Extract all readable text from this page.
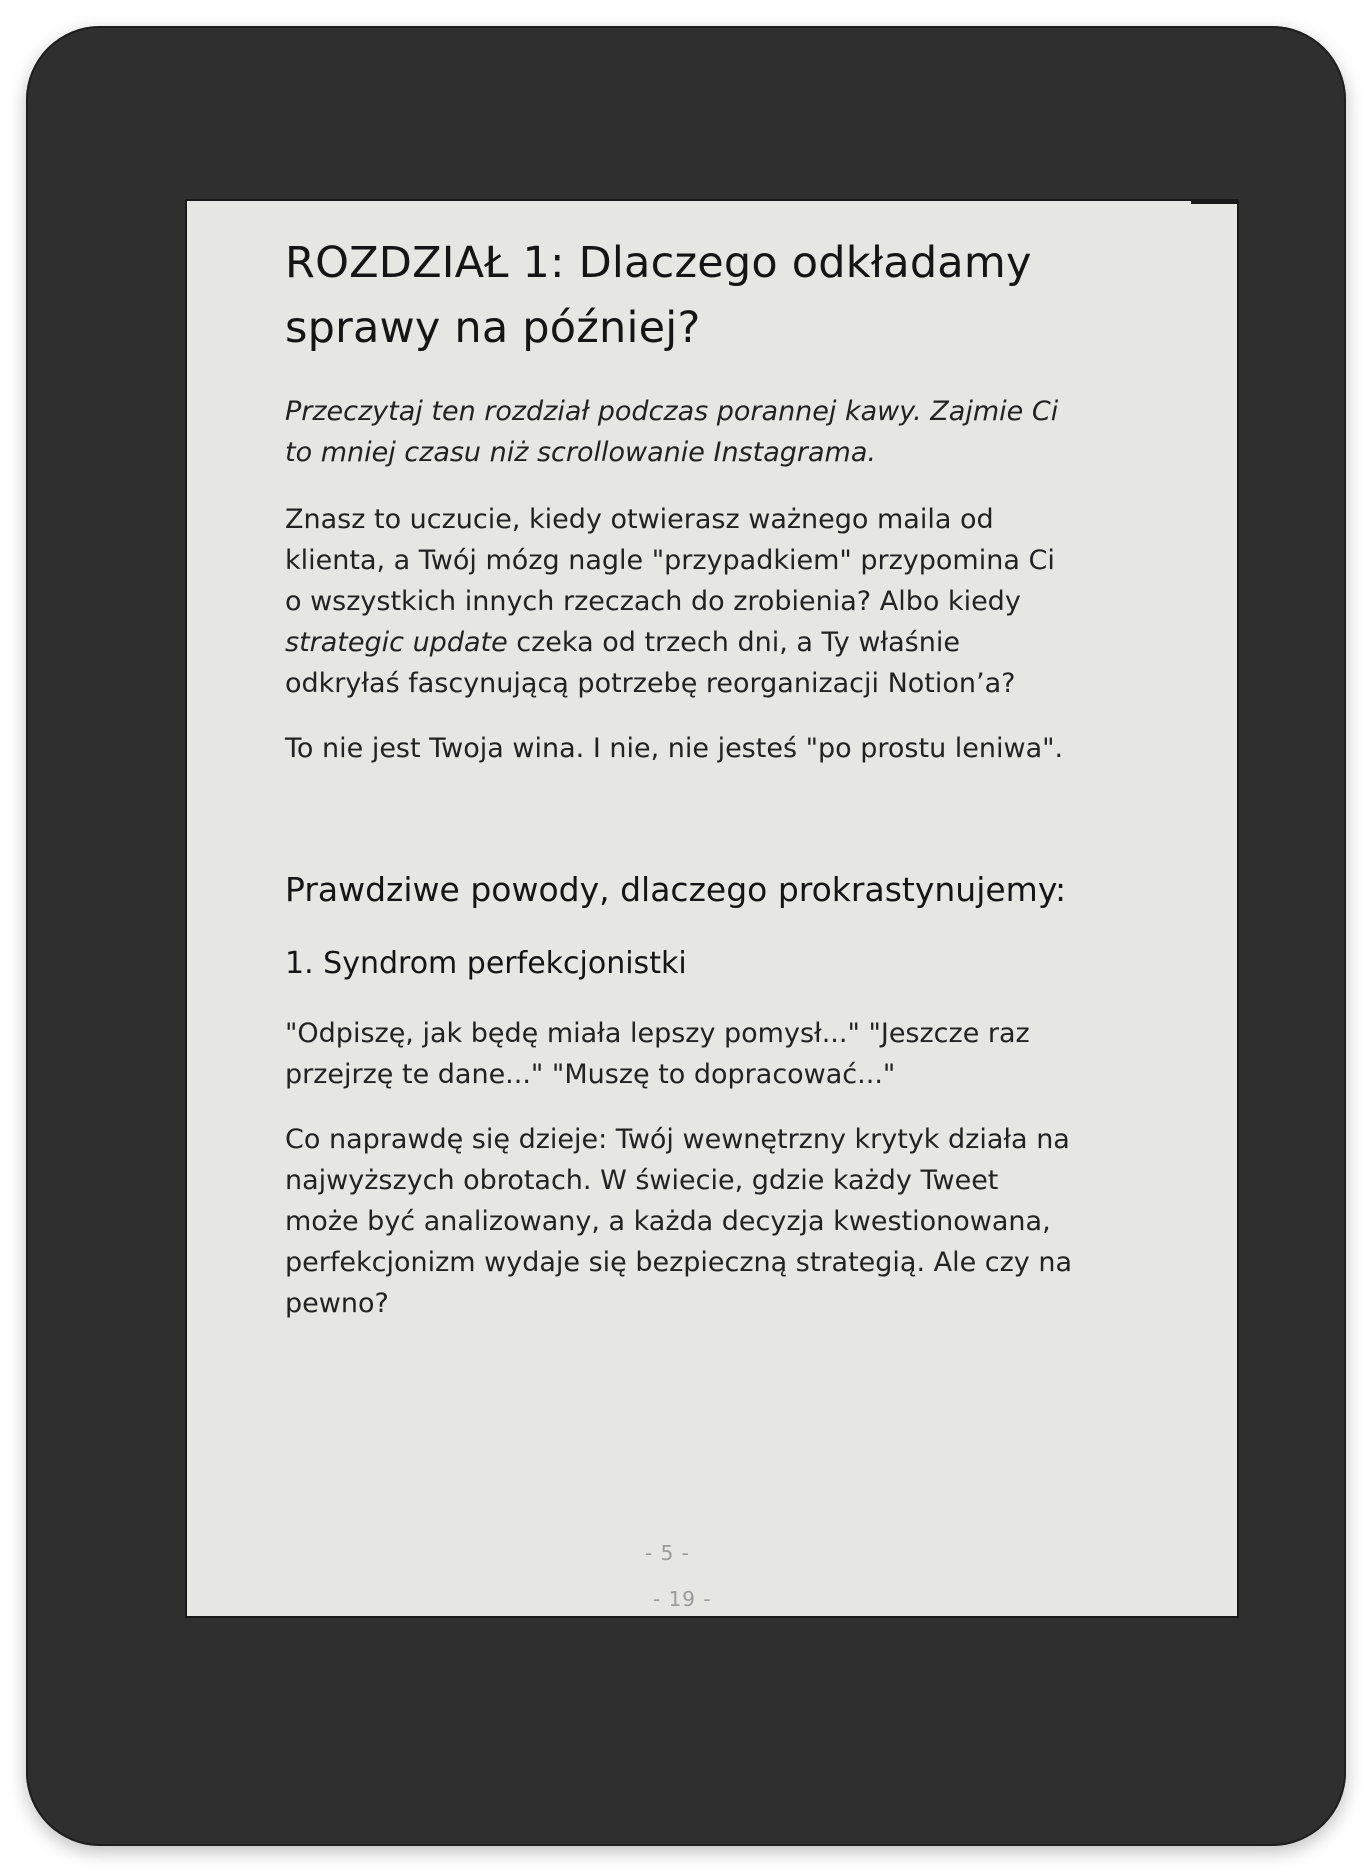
ROZDZIAŁ 1: Dlaczego odkładamy sprawy na później?

Przeczytaj ten rozdział podczas porannej kawy. Zajmie Ci to mniej czasu niż scrollowanie Instagrama.

Znasz to uczucie, kiedy otwierasz ważnego maila od klienta, a Twój mózg nagle "przypadkiem" przypomina Ci o wszystkich innych rzeczach do zrobienia? Albo kiedy strategic update czeka od trzech dni, a Ty właśnie odkryłaś fascynującą potrzebę reorganizacji Notion’a?

To nie jest Twoja wina. I nie, nie jesteś "po prostu leniwa".

Prawdziwe powody, dlaczego prokrastynujemy:
1. Syndrom perfekcjonistki

"Odpiszę, jak będę miała lepszy pomysł..." "Jeszcze raz przejrzę te dane..." "Muszę to dopracować..."

Co naprawdę się dzieje: Twój wewnętrzny krytyk działa na najwyższych obrotach. W świecie, gdzie każdy Tweet może być analizowany, a każda decyzja kwestionowana, perfekcjonizm wydaje się bezpieczną strategią. Ale czy na pewno?

- 5 -
- 19 -
